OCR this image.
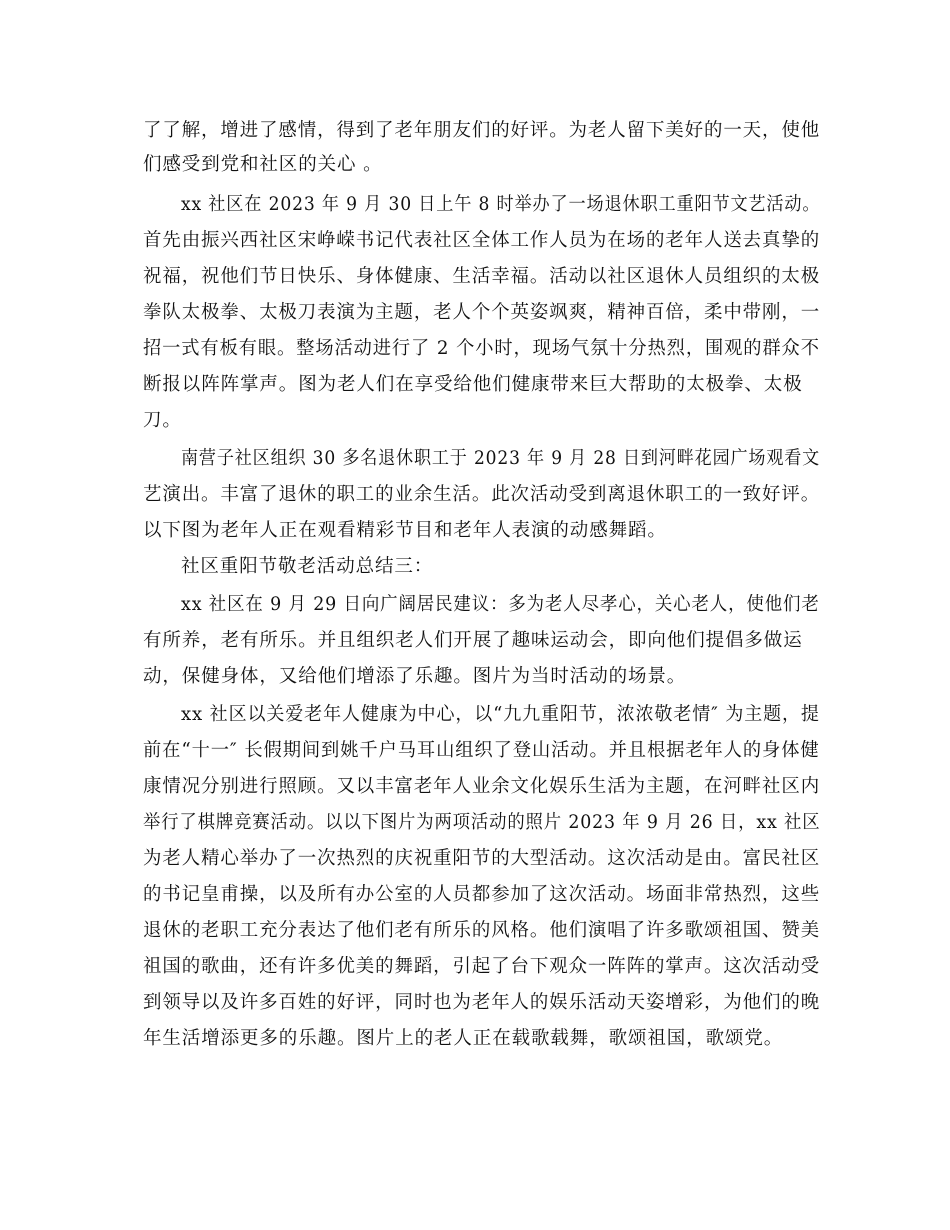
了了解，增进了感情，得到了老年朋友们的好评。为老人留下美好的一天，使他
们感受到党和社区的关心 。
xx 社区在 2023 年 9 月 30 日上午 8 时举办了一场退休职工重阳节文艺活动。
首先由振兴西社区宋峥嵘书记代表社区全体工作人员为在场的老年人送去真挚的
祝福，祝他们节日快乐、身体健康、生活幸福。活动以社区退休人员组织的太极
拳队太极拳、太极刀表演为主题，老人个个英姿飒爽，精神百倍，柔中带刚，一
招一式有板有眼。整场活动进行了 2 个小时，现场气氛十分热烈，围观的群众不
断报以阵阵掌声。图为老人们在享受给他们健康带来巨大帮助的太极拳、太极
刀。
南营子社区组织 30 多名退休职工于 2023 年 9 月 28 日到河畔花园广场观看文
艺演出。丰富了退休的职工的业余生活。此次活动受到离退休职工的一致好评。
以下图为老年人正在观看精彩节目和老年人表演的动感舞蹈。
社区重阳节敬老活动总结三：
xx 社区在 9 月 29 日向广阔居民建议：多为老人尽孝心，关心老人，使他们老
有所养，老有所乐。并且组织老人们开展了趣味运动会，即向他们提倡多做运
动，保健身体，又给他们增添了乐趣。图片为当时活动的场景。
xx 社区以关爱老年人健康为中心，以“九九重阳节，浓浓敬老情″ 为主题，提
前在“十一″ 长假期间到姚千户马耳山组织了登山活动。并且根据老年人的身体健
康情况分别进行照顾。又以丰富老年人业余文化娱乐生活为主题，在河畔社区内
举行了棋牌竞赛活动。以以下图片为两项活动的照片 2023 年 9 月 26 日，xx 社区
为老人精心举办了一次热烈的庆祝重阳节的大型活动。这次活动是由。富民社区
的书记皇甫操，以及所有办公室的人员都参加了这次活动。场面非常热烈，这些
退休的老职工充分表达了他们老有所乐的风格。他们演唱了许多歌颂祖国、赞美
祖国的歌曲，还有许多优美的舞蹈，引起了台下观众一阵阵的掌声。这次活动受
到领导以及许多百姓的好评，同时也为老年人的娱乐活动天姿增彩，为他们的晚
年生活增添更多的乐趣。图片上的老人正在载歌载舞，歌颂祖国，歌颂党。
